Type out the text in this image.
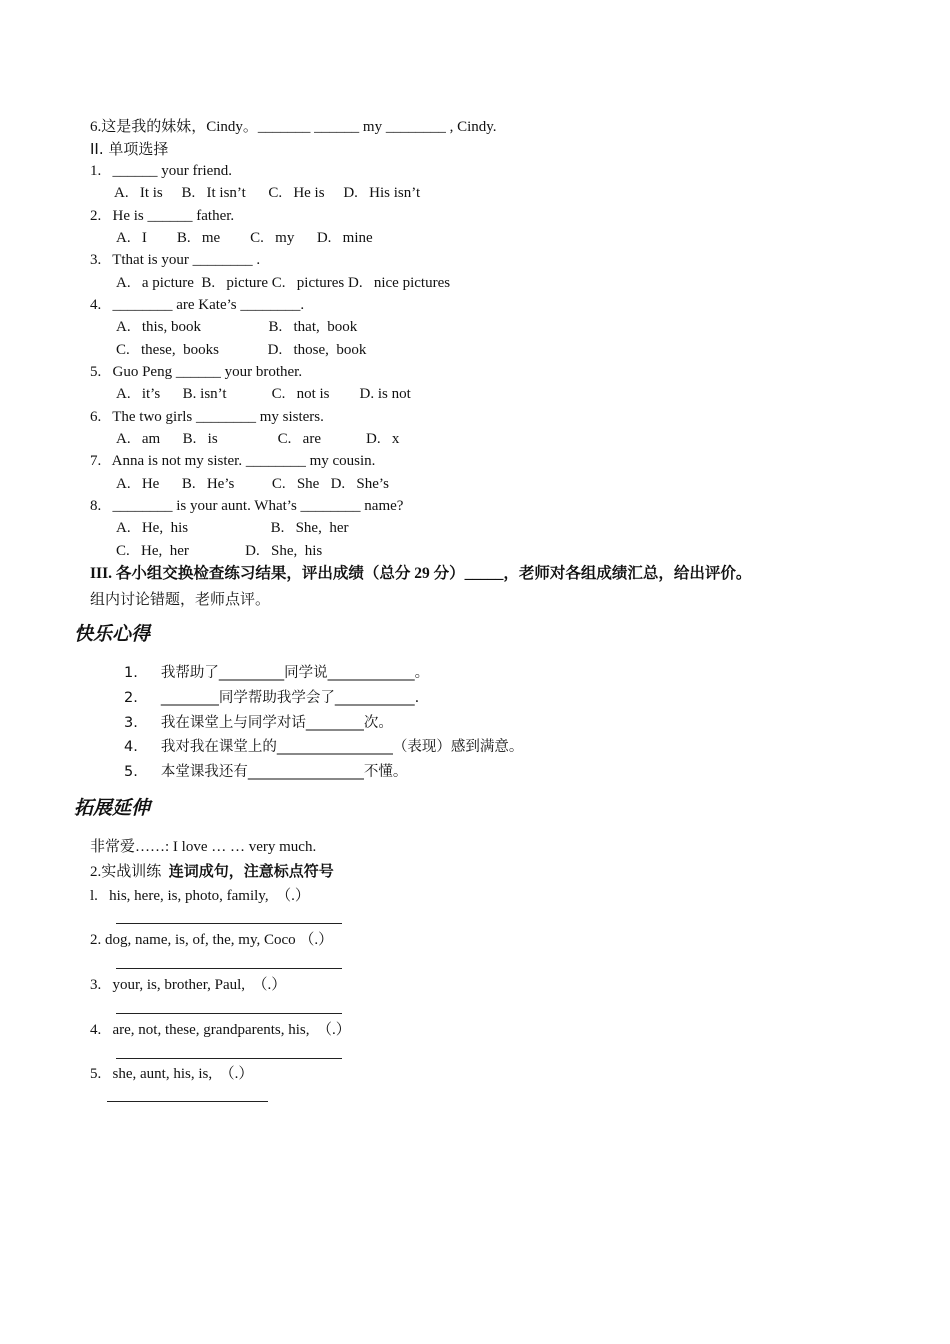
6.这是我的妹妹，Cindy。_______ ______ my ________ , Cindy.
II. 单项选择
1.   ______ your friend.
A.   It is     B.   It isn’t      C.   He is     D.   His isn’t
2.   He is ______ father.
A.   I        B.   me        C.   my      D.   mine
3.   Tthat is your ________ .
A.   a picture  B.   picture C.   pictures D.   nice pictures
4.   ________ are Kate’s ________.
A.   this, book                  B.   that,  book
C.   these,  books             D.   those,  book
5.   Guo Peng ______ your brother.
A.   it’s      B. isn’t            C.   not is        D. is not
6.   The two girls ________ my sisters.
A.   am      B.   is                C.   are            D.   x
7.   Anna is not my sister. ________ my cousin.
A.   He      B.   He’s          C.   She   D.   She’s
8.   ________ is your aunt. What’s ________ name?
A.   He,  his                      B.   She,  her
C.   He,  her               D.   She,  his
III. 各小组交换检查练习结果，评出成绩（总分 29 分）_____，老师对各组成绩汇总，给出评价。
组内讨论错题，老师点评。
快乐心得
1.     我帮助了_________同学说____________。
2.     ________同学帮助我学会了___________.
3.     我在课堂上与同学对话________次。
4.     我对我在课堂上的________________（表现）感到满意。
5.     本堂课我还有________________不懂。
拓展延伸
非常爱……: I love … … very much.
2.实战训练 连词成句，注意标点符号
l.   his, here, is, photo, family,  （.）
2. dog, name, is, of, the, my, Coco （.）
3.   your, is, brother, Paul,  （.）
4.   are, not, these, grandparents, his,  （.）
5.   she, aunt, his, is,  （.）
